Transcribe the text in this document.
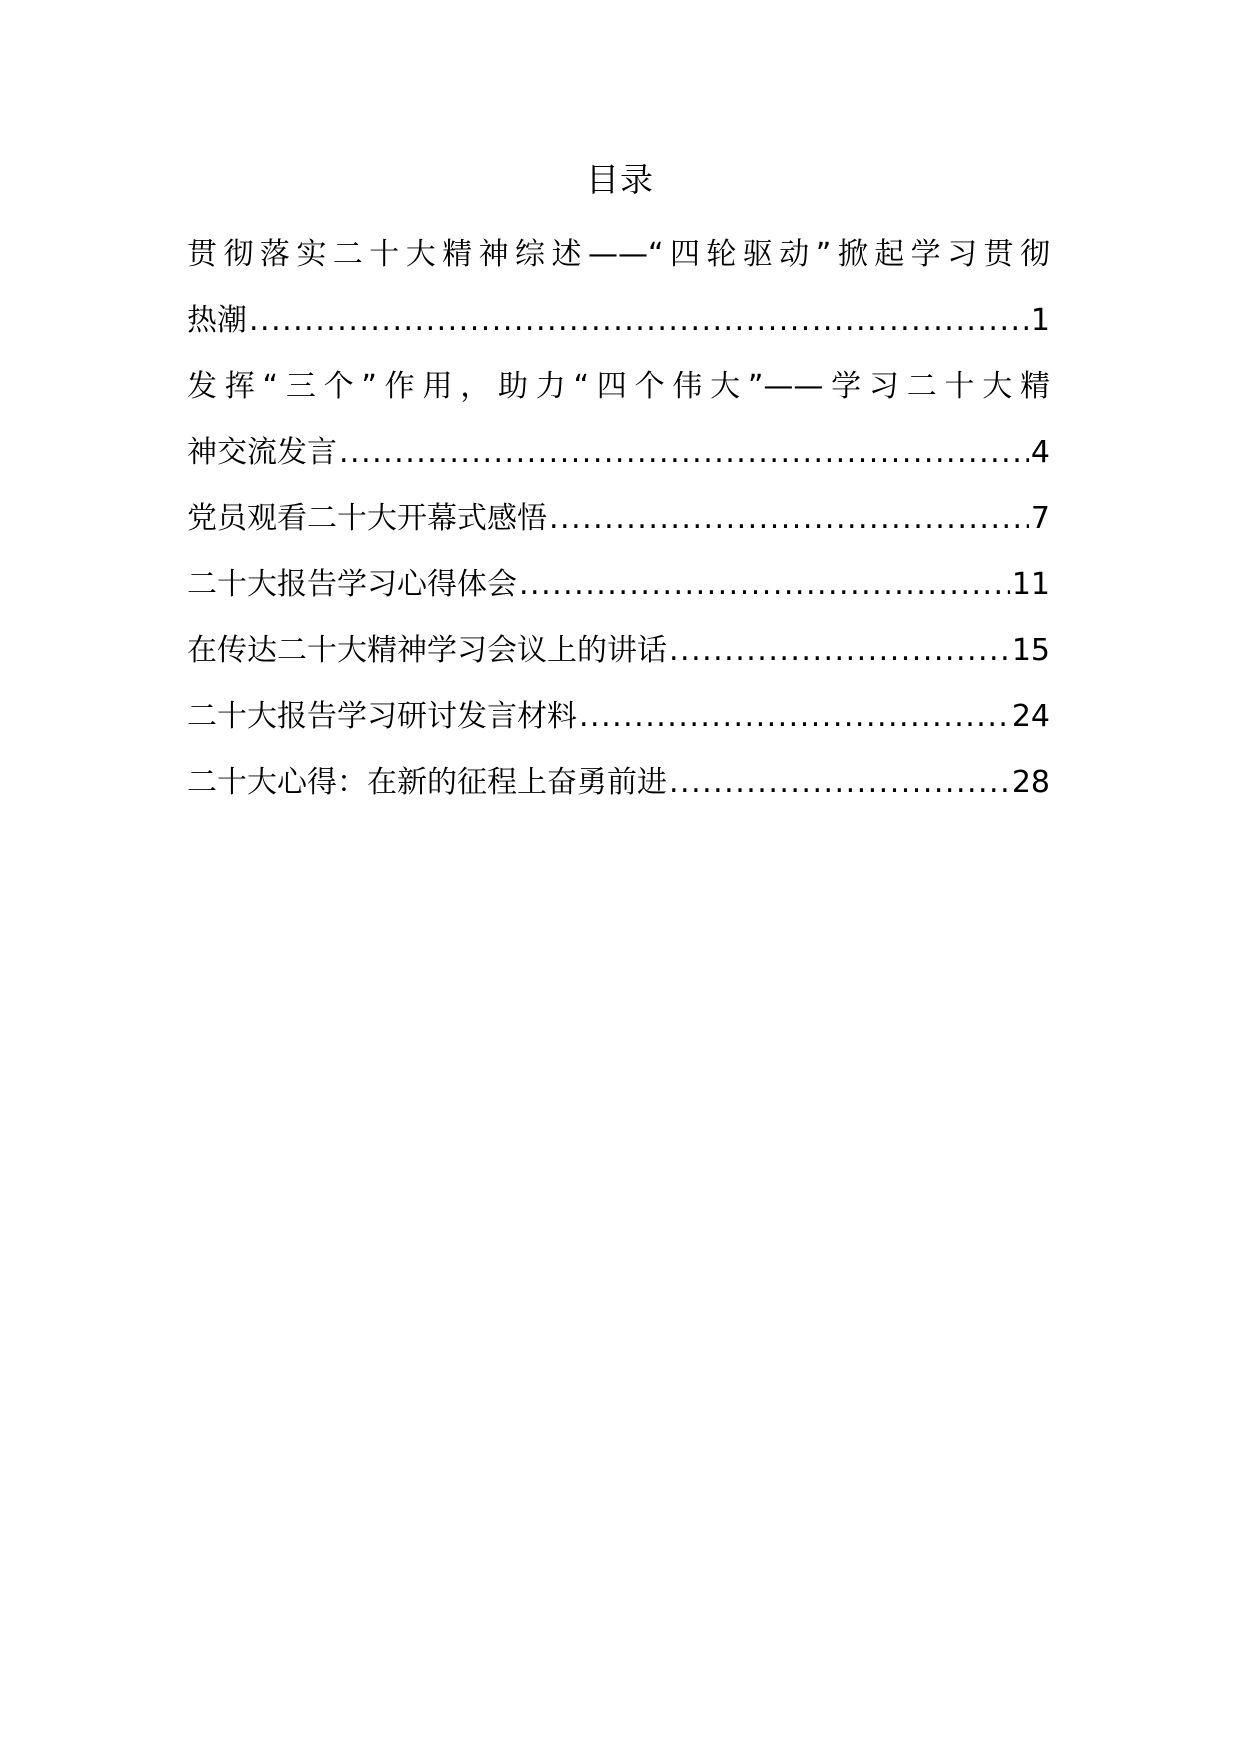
目录
贯彻落实二十大精神综述——“四轮驱动”掀起学习贯彻
热潮 .....	1
发挥“三个”作用，助力“四个伟大”——学习二十大精
神交流发言 .....	4
党员观看二十大开幕式感悟 .....	7
二十大报告学习心得体会 .....	11
在传达二十大精神学习会议上的讲话 .....	15
二十大报告学习研讨发言材料 .....	24
二十大心得：在新的征程上奋勇前进 .....	28
